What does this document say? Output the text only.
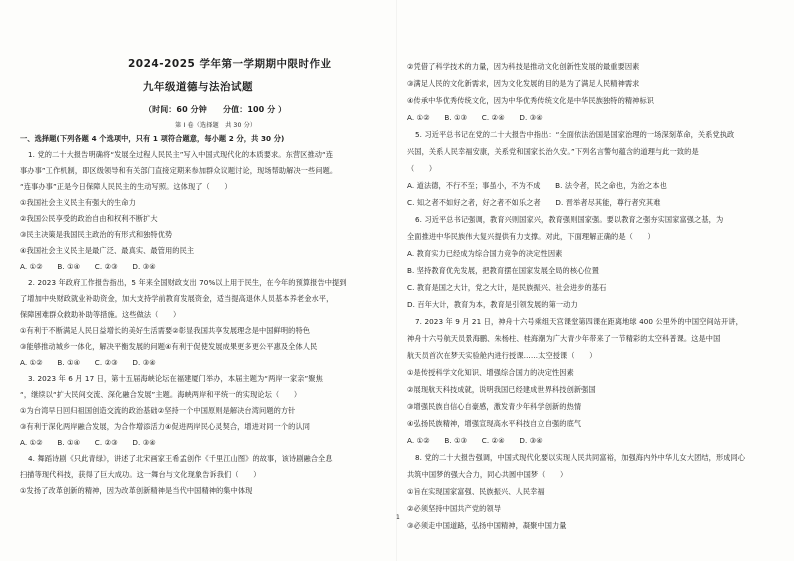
2024-2025 学年第一学期期中限时作业
九年级道德与法治试题
（时间：60 分钟　　分值：100 分 ）
第 I 卷（选择题　共 30 分）
一、选择题(下列各题 4 个选项中，只有 1 项符合题意，每小题 2 分，共 30 分)
1. 党的二十大报告明确将“发展全过程人民民主”写入中国式现代化的本质要求。东营区推动“连
事办事”工作机制，即区级领导和有关部门直接定期来参加群众议题讨论，现场帮助解决一些问题。
“连事办事”正是今日保障人民民主的生动写照。这体现了（　　）
①我国社会主义民主有强大的生命力
②我国公民享受的政治自由和权利不断扩大
③民主决策是我国民主政治的有形式和独特优势
④我国社会主义民主是最广泛、最真实、最管用的民主
A. ①②　　B. ①④　　C. ②③　　D. ③④
2. 2023 年政府工作报告指出，5 年来全国财政支出 70%以上用于民生，在今年的预算报告中提到
了增加中央财政就业补助资金，加大支持学前教育发展资金，适当提高退休人员基本养老金水平，
保障困难群众救助补助等措施。这些做法（　　）
①有利于不断满足人民日益增长的美好生活需要②彰显我国共享发展理念是中国鲜明的特色
③能够推动城乡一体化，解决平衡发展的问题④有利于促使发展成果更多更公平惠及全体人民
A. ①②　　B. ①④　　C. ②③　　D. ③④
3. 2023 年 6 月 17 日，第十五届海峡论坛在福建厦门举办，本届主题为“两岸一家亲”聚焦
“，继续以“扩大民间交流、深化融合发展”主题。海峡两岸和平统一的实现论坛（　　）
①为台湾早日回归祖国创造交流的政治基础②坚持一个中国原则是解决台湾问题的方针
③有利于深化两岸融合发展，为合作增添活力④促进两岸民心灵契合，增进对同一个的认同
A. ①②　　B. ①④　　C. ②③　　D. ③④
4. 舞蹈诗剧《只此青绿》，讲述了北宋画家王希孟创作《千里江山图》的故事，该诗剧融合全息
扫描等现代科技，获得了巨大成功。这一舞台与文化现象告诉我们（　　）
①发扬了改革创新的精神，因为改革创新精神是当代中国精神的集中体现
②凭借了科学技术的力量，因为科技是推动文化创新性发展的最重要因素
③满足人民的文化新需求，因为文化发展的目的是为了满足人民精神需求
④传承中华优秀传统文化，因为中华优秀传统文化是中华民族独特的精神标识
A. ①②　　B. ①③　　C. ②④　　D. ③④
5. 习近平总书记在党的二十大报告中指出：“全面依法治国是国家治理的一场深刻革命，关系党执政
兴国，关系人民幸福安康，关系党和国家长治久安。”下列名言警句蕴含的道理与此一致的是
（　　）
A. 道法德，不行不至；事虽小，不为不成　　B. 法令者，民之命也，为治之本也
C. 知之者不如好之者，好之者不如乐之者　　D. 晋举者尽其能，尊行者究其难
6. 习近平总书记强调，教育兴则国家兴，教育强则国家强。要以教育之强夯实国家富强之基，为
全面推进中华民族伟大复兴提供有力支撑。对此，下面理解正确的是（　　）
A. 教育实力已经成为综合国力竞争的决定性因素
B. 坚持教育优先发展，把教育摆在国家发展全局的核心位置
C. 教育是国之大计，党之大计，是民族振兴、社会进步的基石
D. 百年大计，教育为本，教育是引领发展的第一动力
7. 2023 年 9 月 21 日，神舟十六号乘组天宫课堂第四课在距离地球 400 公里外的中国空间站开讲，
神舟十六号航天员景海鹏、朱杨柱、桂海潮为广大青少年带来了一节精彩的太空科普课。这是中国
航天员首次在梦天实验舱内进行授课……太空授课（　　）
①是传授科学文化知识、增强综合国力的决定性因素
②展现航天科技成就，说明我国已经建成世界科技创新强国
③增强民族自信心自豪感，激发青少年科学创新的热情
④弘扬民族精神，增强宣现高水平科技自立自强的底气
A. ①②　　B. ①③　　C. ②④　　D. ③④
8. 党的二十大报告强调，中国式现代化要以实现人民共同富裕，加强海内外中华儿女大团结，形成同心
共筑中国梦的强大合力，同心共圆中国梦（　　）
①旨在实现国家富强、民族振兴、人民幸福
②必须坚持中国共产党的领导
③必须走中国道路，弘扬中国精神，凝聚中国力量
1
